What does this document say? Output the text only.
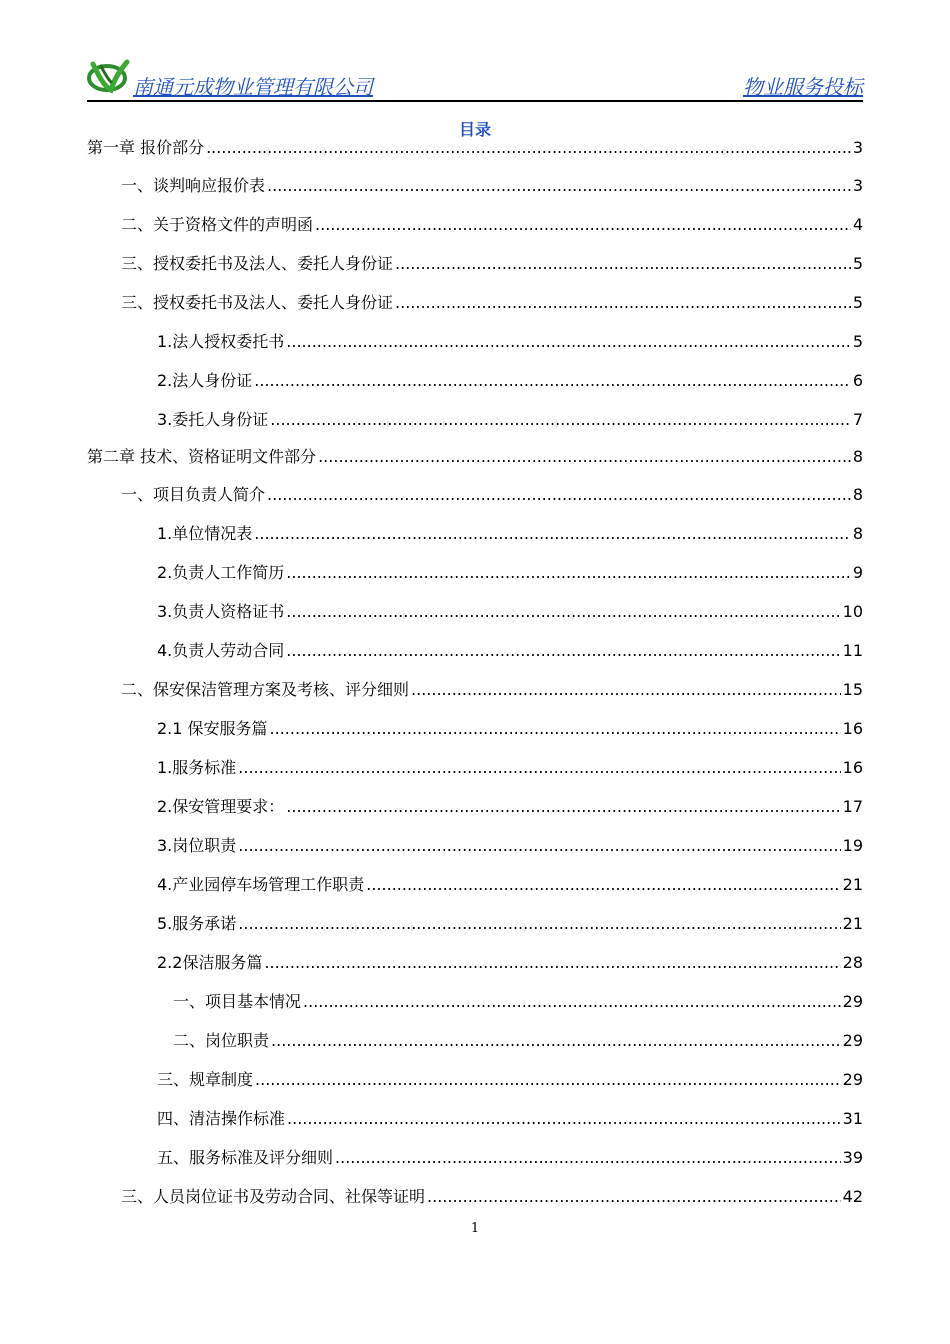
南通元成物业管理有限公司	物业服务投标
目录
第一章 报价部分 .....	3
一、谈判响应报价表 .....	3
二、关于资格文件的声明函 .....	4
三、授权委托书及法人、委托人身份证 .....	5
三、授权委托书及法人、委托人身份证 .....	5
1.法人授权委托书 .....	5
2.法人身份证 .....	6
3.委托人身份证 .....	7
第二章 技术、资格证明文件部分 .....	8
一、项目负责人简介 .....	8
1.单位情况表 .....	8
2.负责人工作简历 .....	9
3.负责人资格证书 .....	10
4.负责人劳动合同 .....	11
二、保安保洁管理方案及考核、评分细则 .....	15
2.1 保安服务篇 .....	16
1.服务标准 .....	16
2.保安管理要求： .....	17
3.岗位职责 .....	19
4.产业园停车场管理工作职责 .....	21
5.服务承诺 .....	21
2.2保洁服务篇 .....	28
一、项目基本情况 .....	29
二、岗位职责 .....	29
三、规章制度 .....	29
四、清洁操作标准 .....	31
五、服务标准及评分细则 .....	39
三、人员岗位证书及劳动合同、社保等证明 .....	42
1
